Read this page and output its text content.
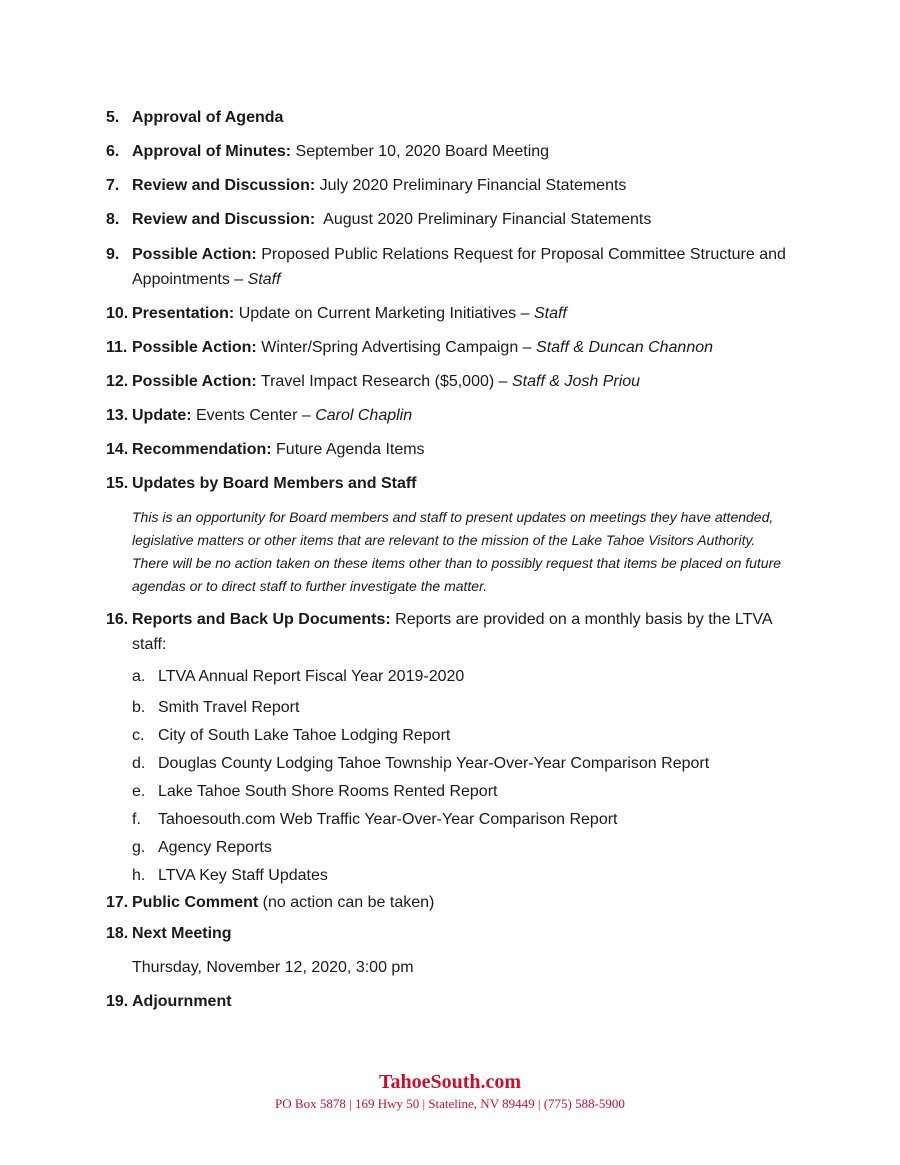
5. Approval of Agenda
6. Approval of Minutes: September 10, 2020 Board Meeting
7. Review and Discussion: July 2020 Preliminary Financial Statements
8. Review and Discussion:  August 2020 Preliminary Financial Statements
9. Possible Action: Proposed Public Relations Request for Proposal Committee Structure and Appointments – Staff
10. Presentation: Update on Current Marketing Initiatives – Staff
11. Possible Action: Winter/Spring Advertising Campaign – Staff & Duncan Channon
12. Possible Action: Travel Impact Research ($5,000) – Staff & Josh Priou
13. Update: Events Center – Carol Chaplin
14. Recommendation: Future Agenda Items
15. Updates by Board Members and Staff
This is an opportunity for Board members and staff to present updates on meetings they have attended, legislative matters or other items that are relevant to the mission of the Lake Tahoe Visitors Authority. There will be no action taken on these items other than to possibly request that items be placed on future agendas or to direct staff to further investigate the matter.
16. Reports and Back Up Documents: Reports are provided on a monthly basis by the LTVA staff:
a. LTVA Annual Report Fiscal Year 2019-2020
b. Smith Travel Report
c. City of South Lake Tahoe Lodging Report
d. Douglas County Lodging Tahoe Township Year-Over-Year Comparison Report
e. Lake Tahoe South Shore Rooms Rented Report
f. Tahoesouth.com Web Traffic Year-Over-Year Comparison Report
g. Agency Reports
h. LTVA Key Staff Updates
17. Public Comment (no action can be taken)
18. Next Meeting
Thursday, November 12, 2020, 3:00 pm
19. Adjournment
TahoeSouth.com
PO Box 5878 | 169 Hwy 50 | Stateline, NV 89449 | (775) 588-5900
